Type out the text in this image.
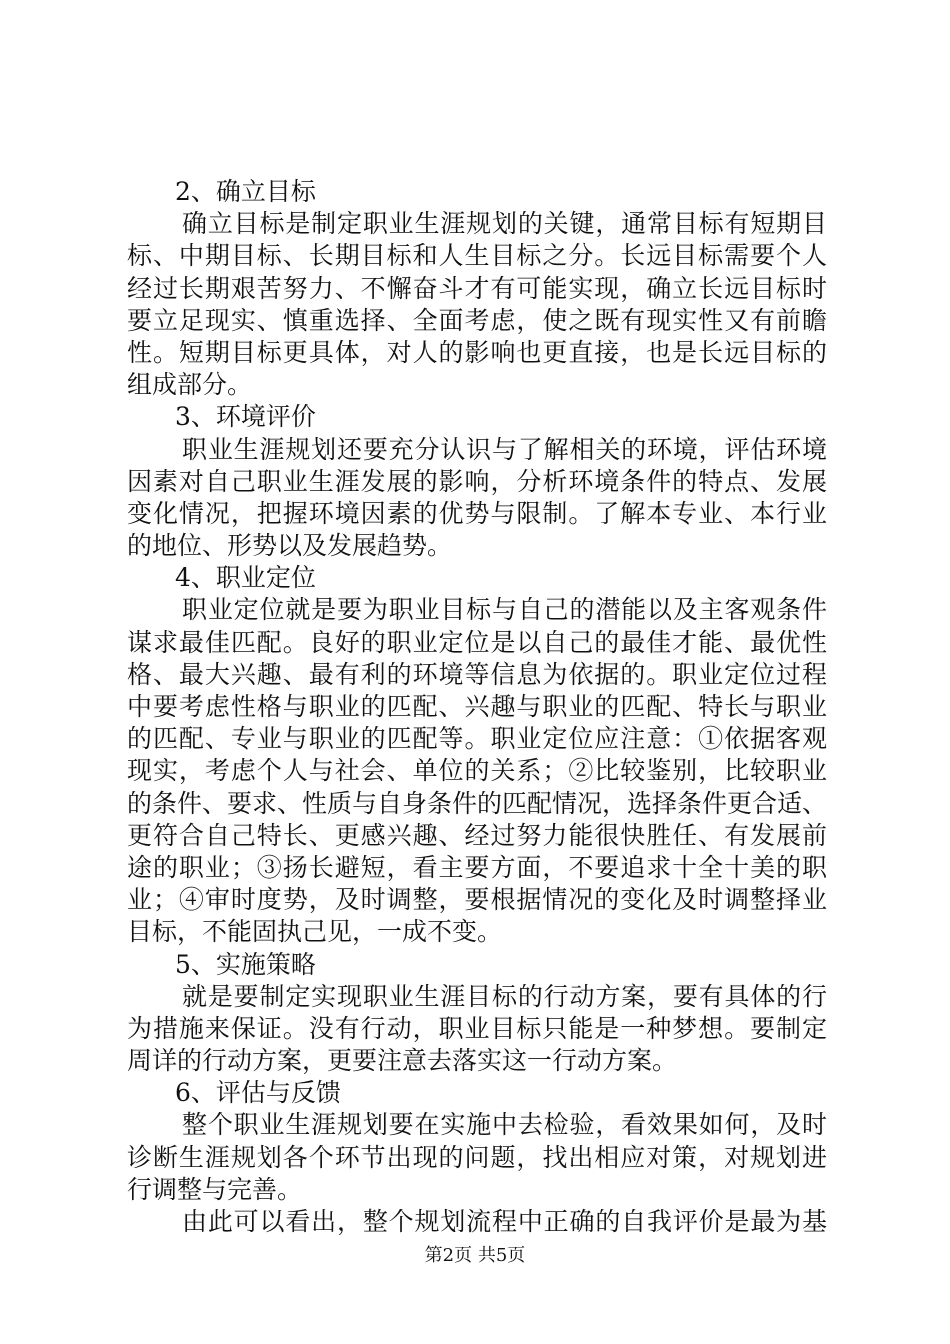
2、确立目标
确立目标是制定职业生涯规划的关键，通常目标有短期目
标、中期目标、长期目标和人生目标之分。长远目标需要个人
经过长期艰苦努力、不懈奋斗才有可能实现，确立长远目标时
要立足现实、慎重选择、全面考虑，使之既有现实性又有前瞻
性。短期目标更具体，对人的影响也更直接，也是长远目标的
组成部分。
3、环境评价
职业生涯规划还要充分认识与了解相关的环境，评估环境
因素对自己职业生涯发展的影响，分析环境条件的特点、发展
变化情况，把握环境因素的优势与限制。了解本专业、本行业
的地位、形势以及发展趋势。
4、职业定位
职业定位就是要为职业目标与自己的潜能以及主客观条件
谋求最佳匹配。良好的职业定位是以自己的最佳才能、最优性
格、最大兴趣、最有利的环境等信息为依据的。职业定位过程
中要考虑性格与职业的匹配、兴趣与职业的匹配、特长与职业
的匹配、专业与职业的匹配等。职业定位应注意：①依据客观
现实，考虑个人与社会、单位的关系；②比较鉴别，比较职业
的条件、要求、性质与自身条件的匹配情况，选择条件更合适、
更符合自己特长、更感兴趣、经过努力能很快胜任、有发展前
途的职业；③扬长避短，看主要方面，不要追求十全十美的职
业；④审时度势，及时调整，要根据情况的变化及时调整择业
目标，不能固执己见，一成不变。
5、实施策略
就是要制定实现职业生涯目标的行动方案，要有具体的行
为措施来保证。没有行动，职业目标只能是一种梦想。要制定
周详的行动方案，更要注意去落实这一行动方案。
6、评估与反馈
整个职业生涯规划要在实施中去检验，看效果如何，及时
诊断生涯规划各个环节出现的问题，找出相应对策，对规划进
行调整与完善。
由此可以看出，整个规划流程中正确的自我评价是最为基
第2页 共5页
